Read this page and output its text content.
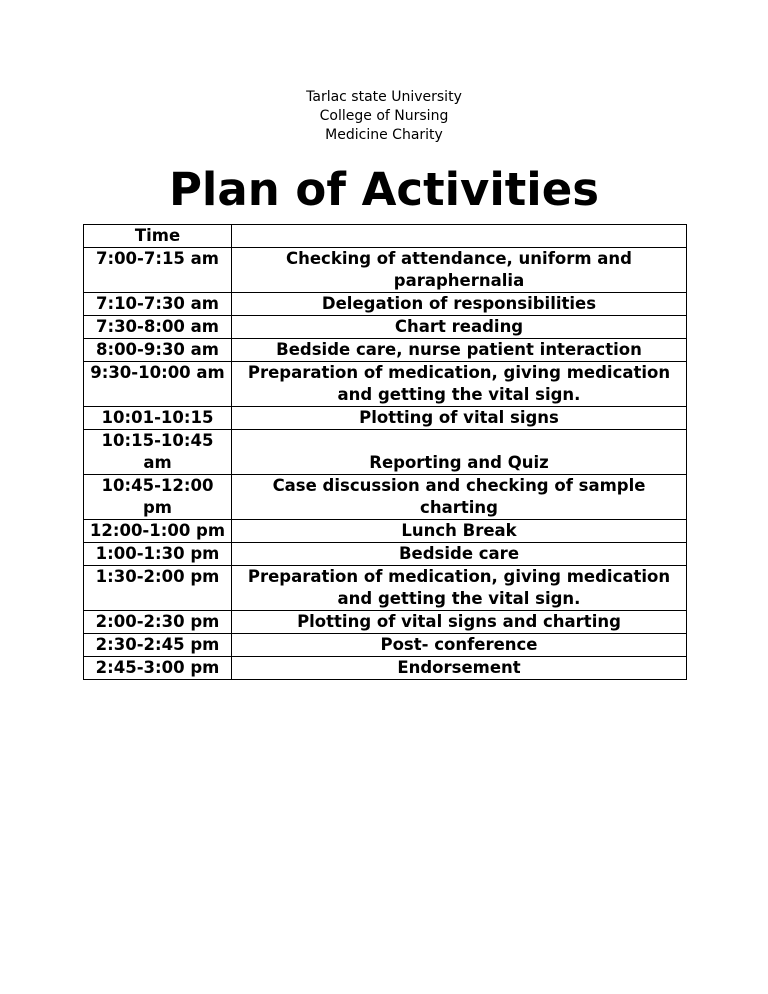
Tarlac state University
College of Nursing
Medicine Charity
Plan of Activities
Time	
7:00-7:15 am	Checking of attendance, uniform and paraphernalia
7:10-7:30 am	Delegation of responsibilities
7:30-8:00 am	Chart reading
8:00-9:30 am	Bedside care, nurse patient interaction
9:30-10:00 am	Preparation of medication, giving medication and getting the vital sign.
10:01-10:15	Plotting of vital signs
10:15-10:45 am	Reporting and Quiz
10:45-12:00 pm	Case discussion and checking of sample charting
12:00-1:00 pm	Lunch Break
1:00-1:30 pm	Bedside care
1:30-2:00 pm	Preparation of medication, giving medication and getting the vital sign.
2:00-2:30 pm	Plotting of vital signs and charting
2:30-2:45 pm	Post- conference
2:45-3:00 pm	Endorsement
